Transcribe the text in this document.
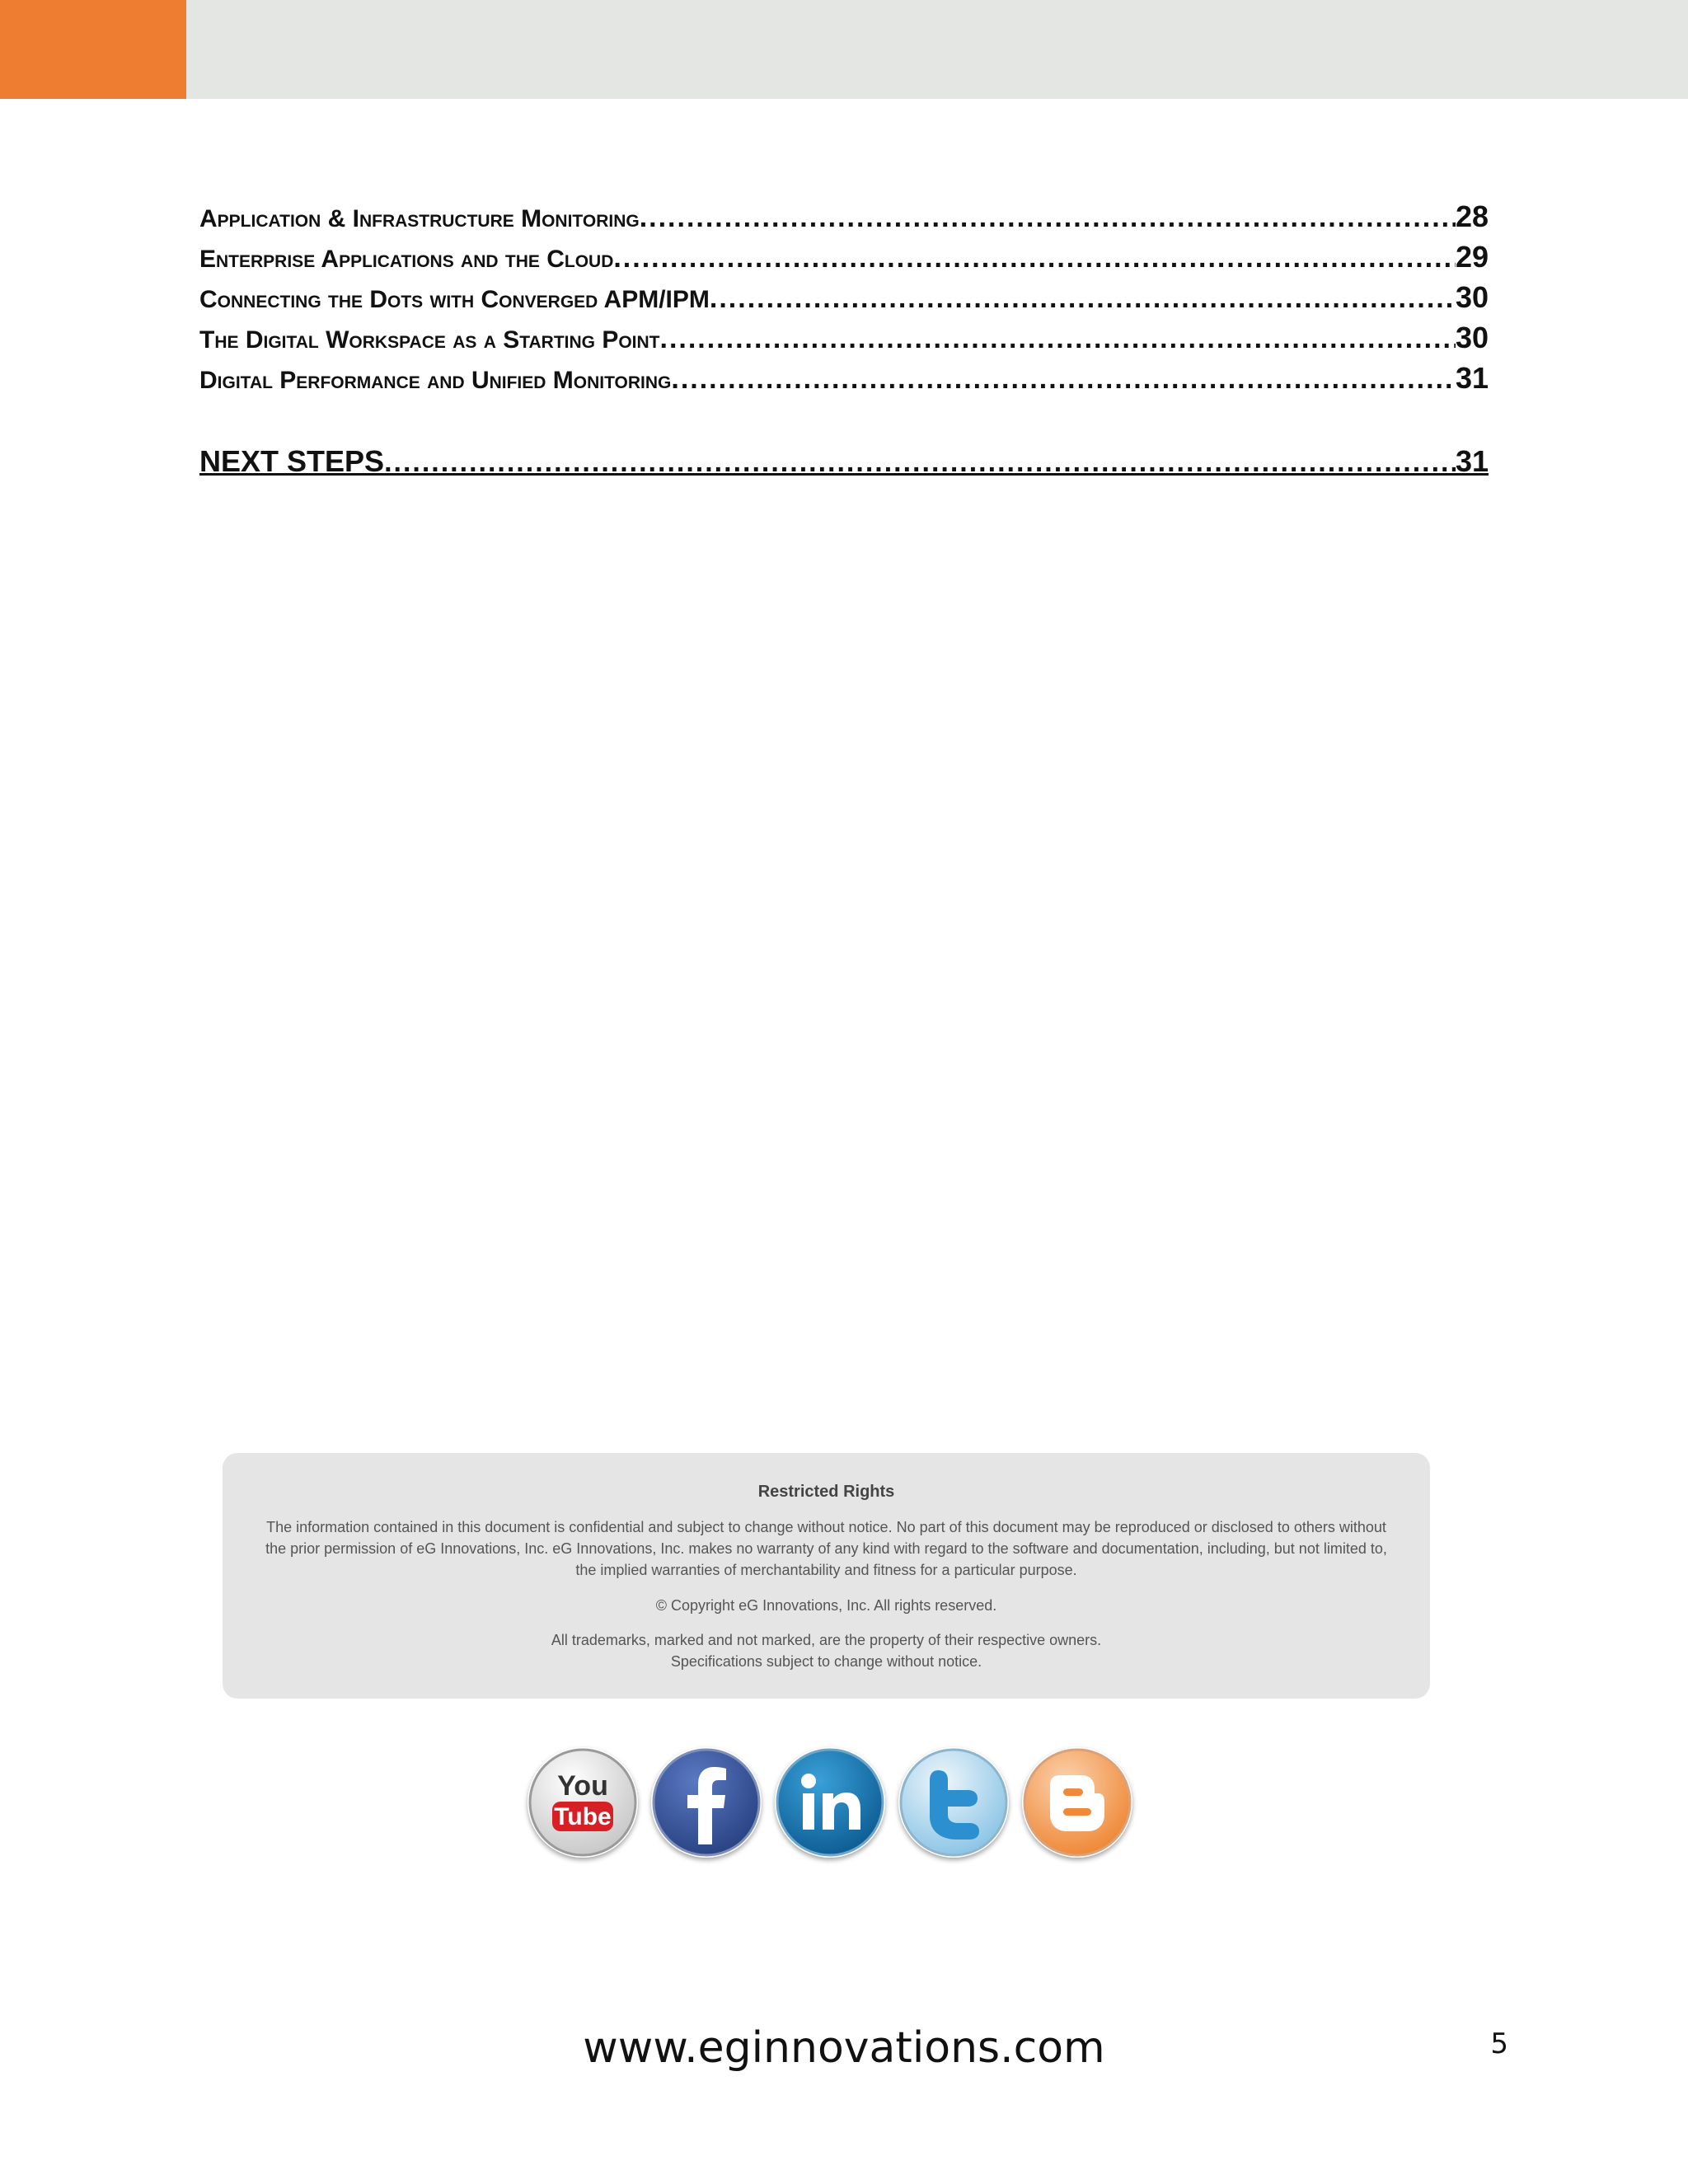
Application & Infrastructure Monitoring .....	28
Enterprise Applications and the Cloud .....	29
Connecting the Dots with Converged APM/IPM .....	30
The Digital Workspace as a Starting Point .....	30
Digital Performance and Unified Monitoring .....	31
NEXT STEPS .....	31
Restricted Rights
The information contained in this document is confidential and subject to change without notice. No part of this document may be reproduced or disclosed to others without the prior permission of eG Innovations, Inc. eG Innovations, Inc. makes no warranty of any kind with regard to the software and documentation, including, but not limited to, the implied warranties of merchantability and fitness for a particular purpose.
© Copyright eG Innovations, Inc. All rights reserved.
All trademarks, marked and not marked, are the property of their respective owners.
Specifications subject to change without notice.
You
Tube
www.eginnovations.com	5
